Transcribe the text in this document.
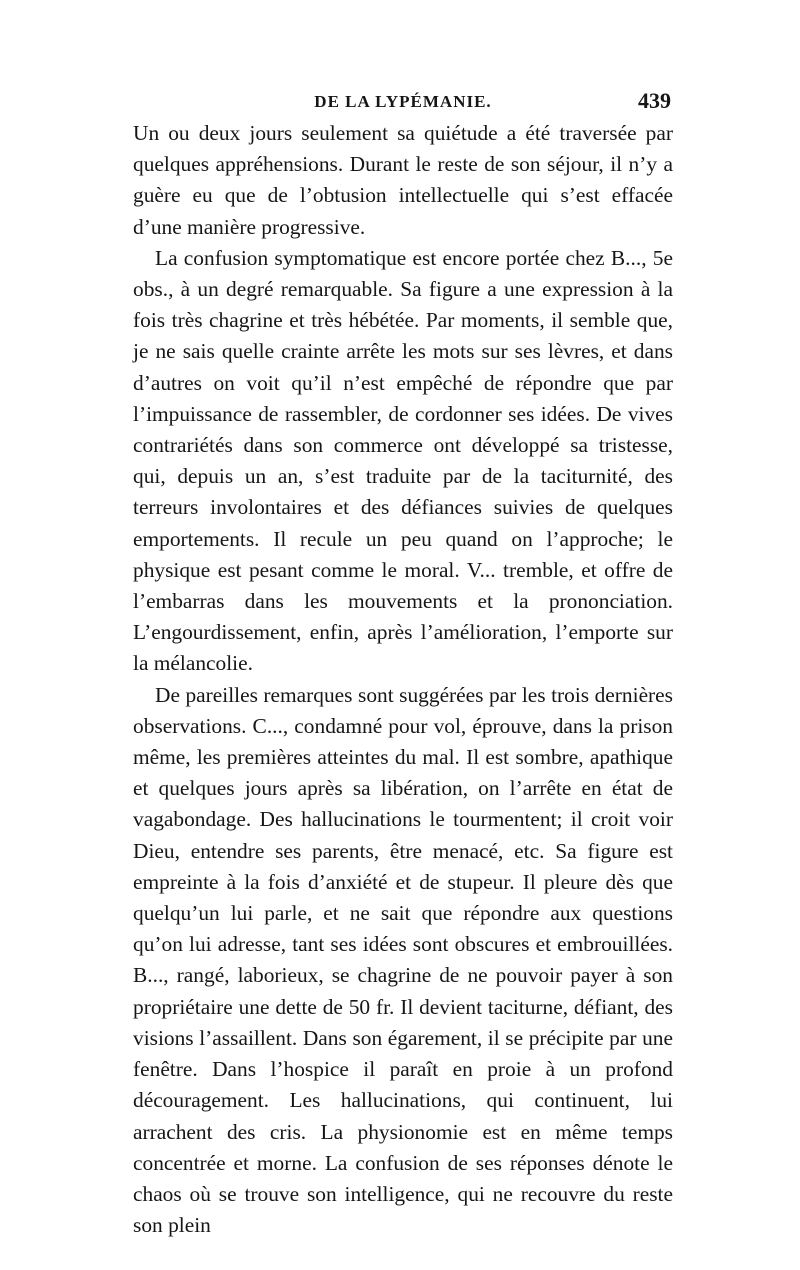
DE LA LYPÉMANIE.	439

Un ou deux jours seulement sa quiétude a été traversée par quelques appréhensions. Durant le reste de son séjour, il n’y a guère eu que de l’obtusion intellectuelle qui s’est effacée d’une manière progressive.

La confusion symptomatique est encore portée chez B..., 5e obs., à un degré remarquable. Sa figure a une expression à la fois très chagrine et très hébétée. Par moments, il semble que, je ne sais quelle crainte arrête les mots sur ses lèvres, et dans d’autres on voit qu’il n’est empêché de répondre que par l’impuissance de rassembler, de cordonner ses idées. De vives contrariétés dans son commerce ont développé sa tristesse, qui, depuis un an, s’est traduite par de la taciturnité, des terreurs involontaires et des défiances suivies de quelques emportements. Il recule un peu quand on l’approche; le physique est pesant comme le moral. V... tremble, et offre de l’embarras dans les mouvements et la prononciation. L’engourdissement, enfin, après l’amélioration, l’emporte sur la mélancolie.

De pareilles remarques sont suggérées par les trois dernières observations. C..., condamné pour vol, éprouve, dans la prison même, les premières atteintes du mal. Il est sombre, apathique et quelques jours après sa libération, on l’arrête en état de vagabondage. Des hallucinations le tourmentent; il croit voir Dieu, entendre ses parents, être menacé, etc. Sa figure est empreinte à la fois d’anxiété et de stupeur. Il pleure dès que quelqu’un lui parle, et ne sait que répondre aux questions qu’on lui adresse, tant ses idées sont obscures et embrouillées. B..., rangé, laborieux, se chagrine de ne pouvoir payer à son propriétaire une dette de 50 fr. Il devient taciturne, défiant, des visions l’assaillent. Dans son égarement, il se précipite par une fenêtre. Dans l’hospice il paraît en proie à un profond découragement. Les hallucinations, qui continuent, lui arrachent des cris. La physionomie est en même temps concentrée et morne. La confusion de ses réponses dénote le chaos où se trouve son intelligence, qui ne recouvre du reste son plein
